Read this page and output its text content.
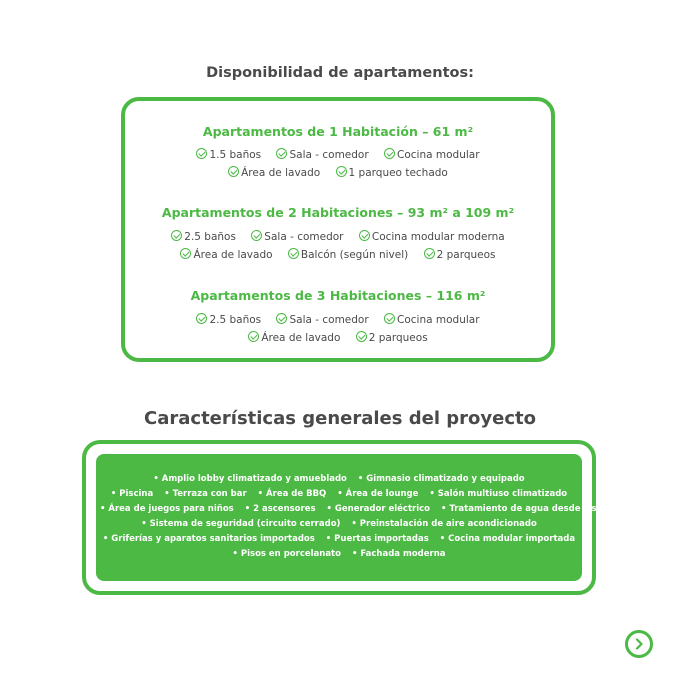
Disponibilidad de apartamentos:
Apartamentos de 1 Habitación – 61 m²
1.5 baños	Sala - comedor	Cocina modular
Área de lavado	1 parqueo techado
Apartamentos de 2 Habitaciones – 93 m² a 109 m²
2.5 baños	Sala - comedor	Cocina modular moderna
Área de lavado	Balcón (según nivel)	2 parqueos
Apartamentos de 3 Habitaciones – 116 m²
2.5 baños	Sala - comedor	Cocina modular
Área de lavado	2 parqueos
Características generales del proyecto
• Amplio lobby climatizado y amueblado • Gimnasio climatizado y equipado
• Piscina • Terraza con bar • Área de BBQ • Área de lounge • Salón multiuso climatizado
• Área de juegos para niños • 2 ascensores • Generador eléctrico • Tratamiento de agua desde cisterna
• Sistema de seguridad (circuito cerrado) • Preinstalación de aire acondicionado
• Griferías y aparatos sanitarios importados • Puertas importadas • Cocina modular importada
• Pisos en porcelanato • Fachada moderna
